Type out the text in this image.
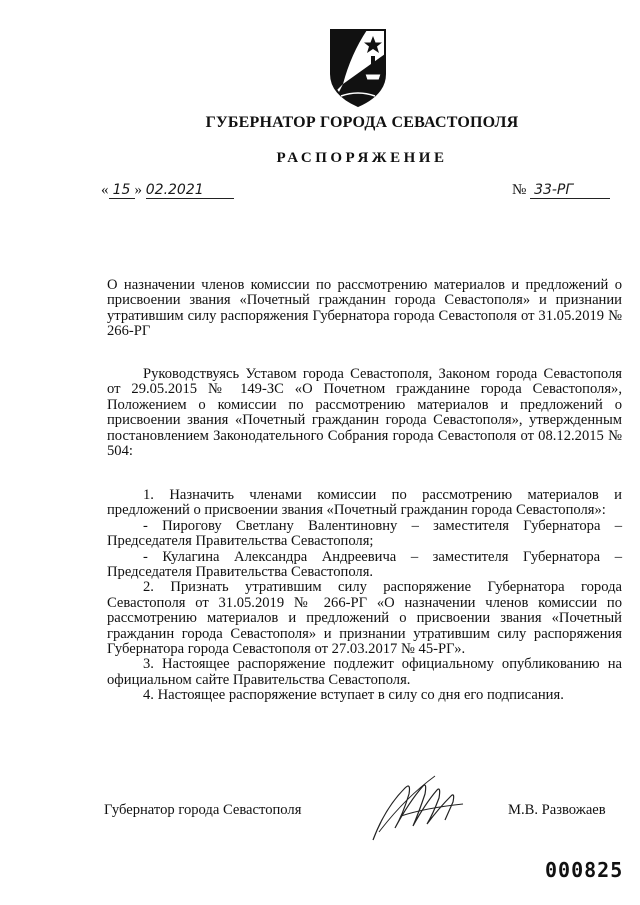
ГУБЕРНАТОР ГОРОДА СЕВАСТОПОЛЯ
РАСПОРЯЖЕНИЕ
« 15 » 02.2021	№ 33-РГ

О назначении членов комиссии по рассмотрению материалов и предложений о присвоении звания «Почетный гражданин города Севастополя» и признании утратившим силу распоряжения Губернатора города Севастополя от 31.05.2019 № 266-РГ

Руководствуясь Уставом города Севастополя, Законом города Севастополя от 29.05.2015 № 149-ЗС «О Почетном гражданине города Севастополя», Положением о комиссии по рассмотрению материалов и предложений о присвоении звания «Почетный гражданин города Севастополя», утвержденным постановлением Законодательного Собрания города Севастополя от 08.12.2015 № 504:

1. Назначить членами комиссии по рассмотрению материалов и предложений о присвоении звания «Почетный гражданин города Севастополя»:

- Пирогову Светлану Валентиновну – заместителя Губернатора – Председателя Правительства Севастополя;

- Кулагина Александра Андреевича – заместителя Губернатора – Председателя Правительства Севастополя.

2. Признать утратившим силу распоряжение Губернатора города Севастополя от 31.05.2019 № 266-РГ «О назначении членов комиссии по рассмотрению материалов и предложений о присвоении звания «Почетный гражданин города Севастополя» и признании утратившим силу распоряжения Губернатора города Севастополя от 27.03.2017 № 45-РГ».

3. Настоящее распоряжение подлежит официальному опубликованию на официальном сайте Правительства Севастополя.

4. Настоящее распоряжение вступает в силу со дня его подписания.

Губернатор города Севастополя	М.В. Развожаев
000825
